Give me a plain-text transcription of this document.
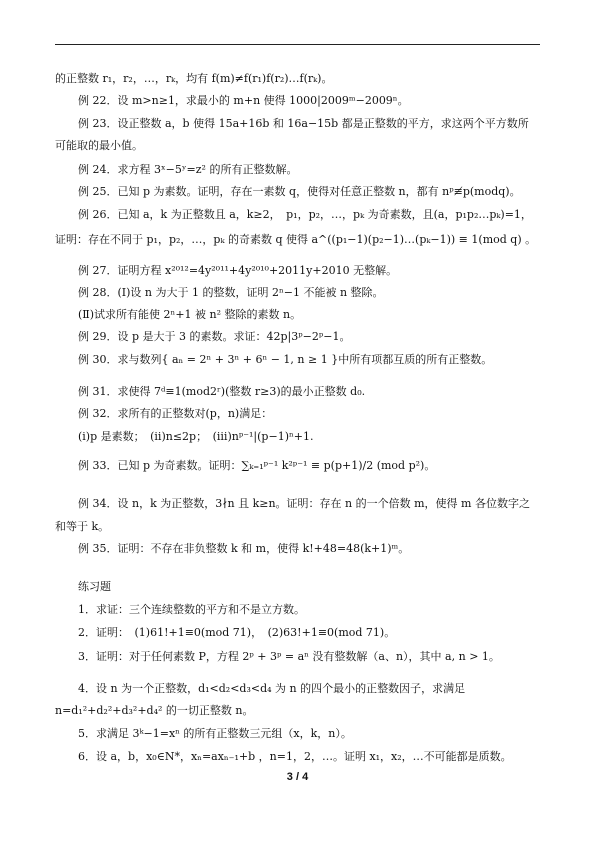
的正整数 r₁，r₂，…，rₖ，均有 f(m)≠f(r₁)f(r₂)…f(rₖ)。
例 22．设 m>n≥1，求最小的 m+n 使得 1000|2009ᵐ−2009ⁿ。
例 23．设正整数 a，b 使得 15a+16b 和 16a−15b 都是正整数的平方，求这两个平方数所
可能取的最小值。
例 24．求方程 3ˣ−5ʸ=z² 的所有正整数解。
例 25．已知 p 为素数。证明，存在一素数 q，使得对任意正整数 n，都有 nᵖ≢p(modq)。
例 26．已知 a，k 为正整数且 a，k≥2，　p₁，p₂，…，pₖ 为奇素数，且(a，p₁p₂…pₖ)=1，
证明：存在不同于 p₁，p₂，…，pₖ 的奇素数 q 使得 a^((p₁−1)(p₂−1)…(pₖ−1)) ≡ 1(mod q) 。
例 27．证明方程 x²⁰¹²=4y²⁰¹¹+4y²⁰¹⁰+2011y+2010 无整解。
例 28．(Ⅰ)设 n 为大于 1 的整数，证明 2ⁿ−1 不能被 n 整除。
(Ⅱ)试求所有能使 2ⁿ+1 被 n² 整除的素数 n。
例 29．设 p 是大于 3 的素数。求证：42p|3ᵖ−2ᵖ−1。
例 30．求与数列{ aₙ = 2ⁿ + 3ⁿ + 6ⁿ − 1, n ≥ 1 }中所有项都互质的所有正整数。
例 31．求使得 7ᵈ≡1(mod2ʳ)(整数 r≥3)的最小正整数 d₀.
例 32．求所有的正整数对(p，n)满足：
(ⅰ)p 是素数；　(ⅱ)n≤2p；　(ⅲ)nᵖ⁻¹|(p−1)ⁿ+1.
例 33．已知 p 为奇素数。证明：∑ₖ₌₁ᵖ⁻¹ k²ᵖ⁻¹ ≡ p(p+1)/2 (mod p²)。
例 34．设 n，k 为正整数，3∤n 且 k≥n。证明：存在 n 的一个倍数 m，使得 m 各位数字之
和等于 k。
例 35．证明：不存在非负整数 k 和 m，使得 k!+48=48(k+1)ᵐ。
练习题
1．求证：三个连续整数的平方和不是立方数。
2．证明：　(1)61!+1≡0(mod 71)，　(2)63!+1≡0(mod 71)。
3．证明：对于任何素数 P，方程 2ᵖ + 3ᵖ = aⁿ 没有整数解（a、n），其中 a, n > 1。
4．设 n 为一个正整数，d₁<d₂<d₃<d₄ 为 n 的四个最小的正整数因子，求满足
n=d₁²+d₂²+d₃²+d₄² 的一切正整数 n。
5．求满足 3ᵏ−1=xⁿ 的所有正整数三元组（x，k，n）。
6．设 a，b，x₀∈N*，xₙ=axₙ₋₁+b ，n=1，2，…。证明 x₁，x₂，…不可能都是质数。
3 / 4
